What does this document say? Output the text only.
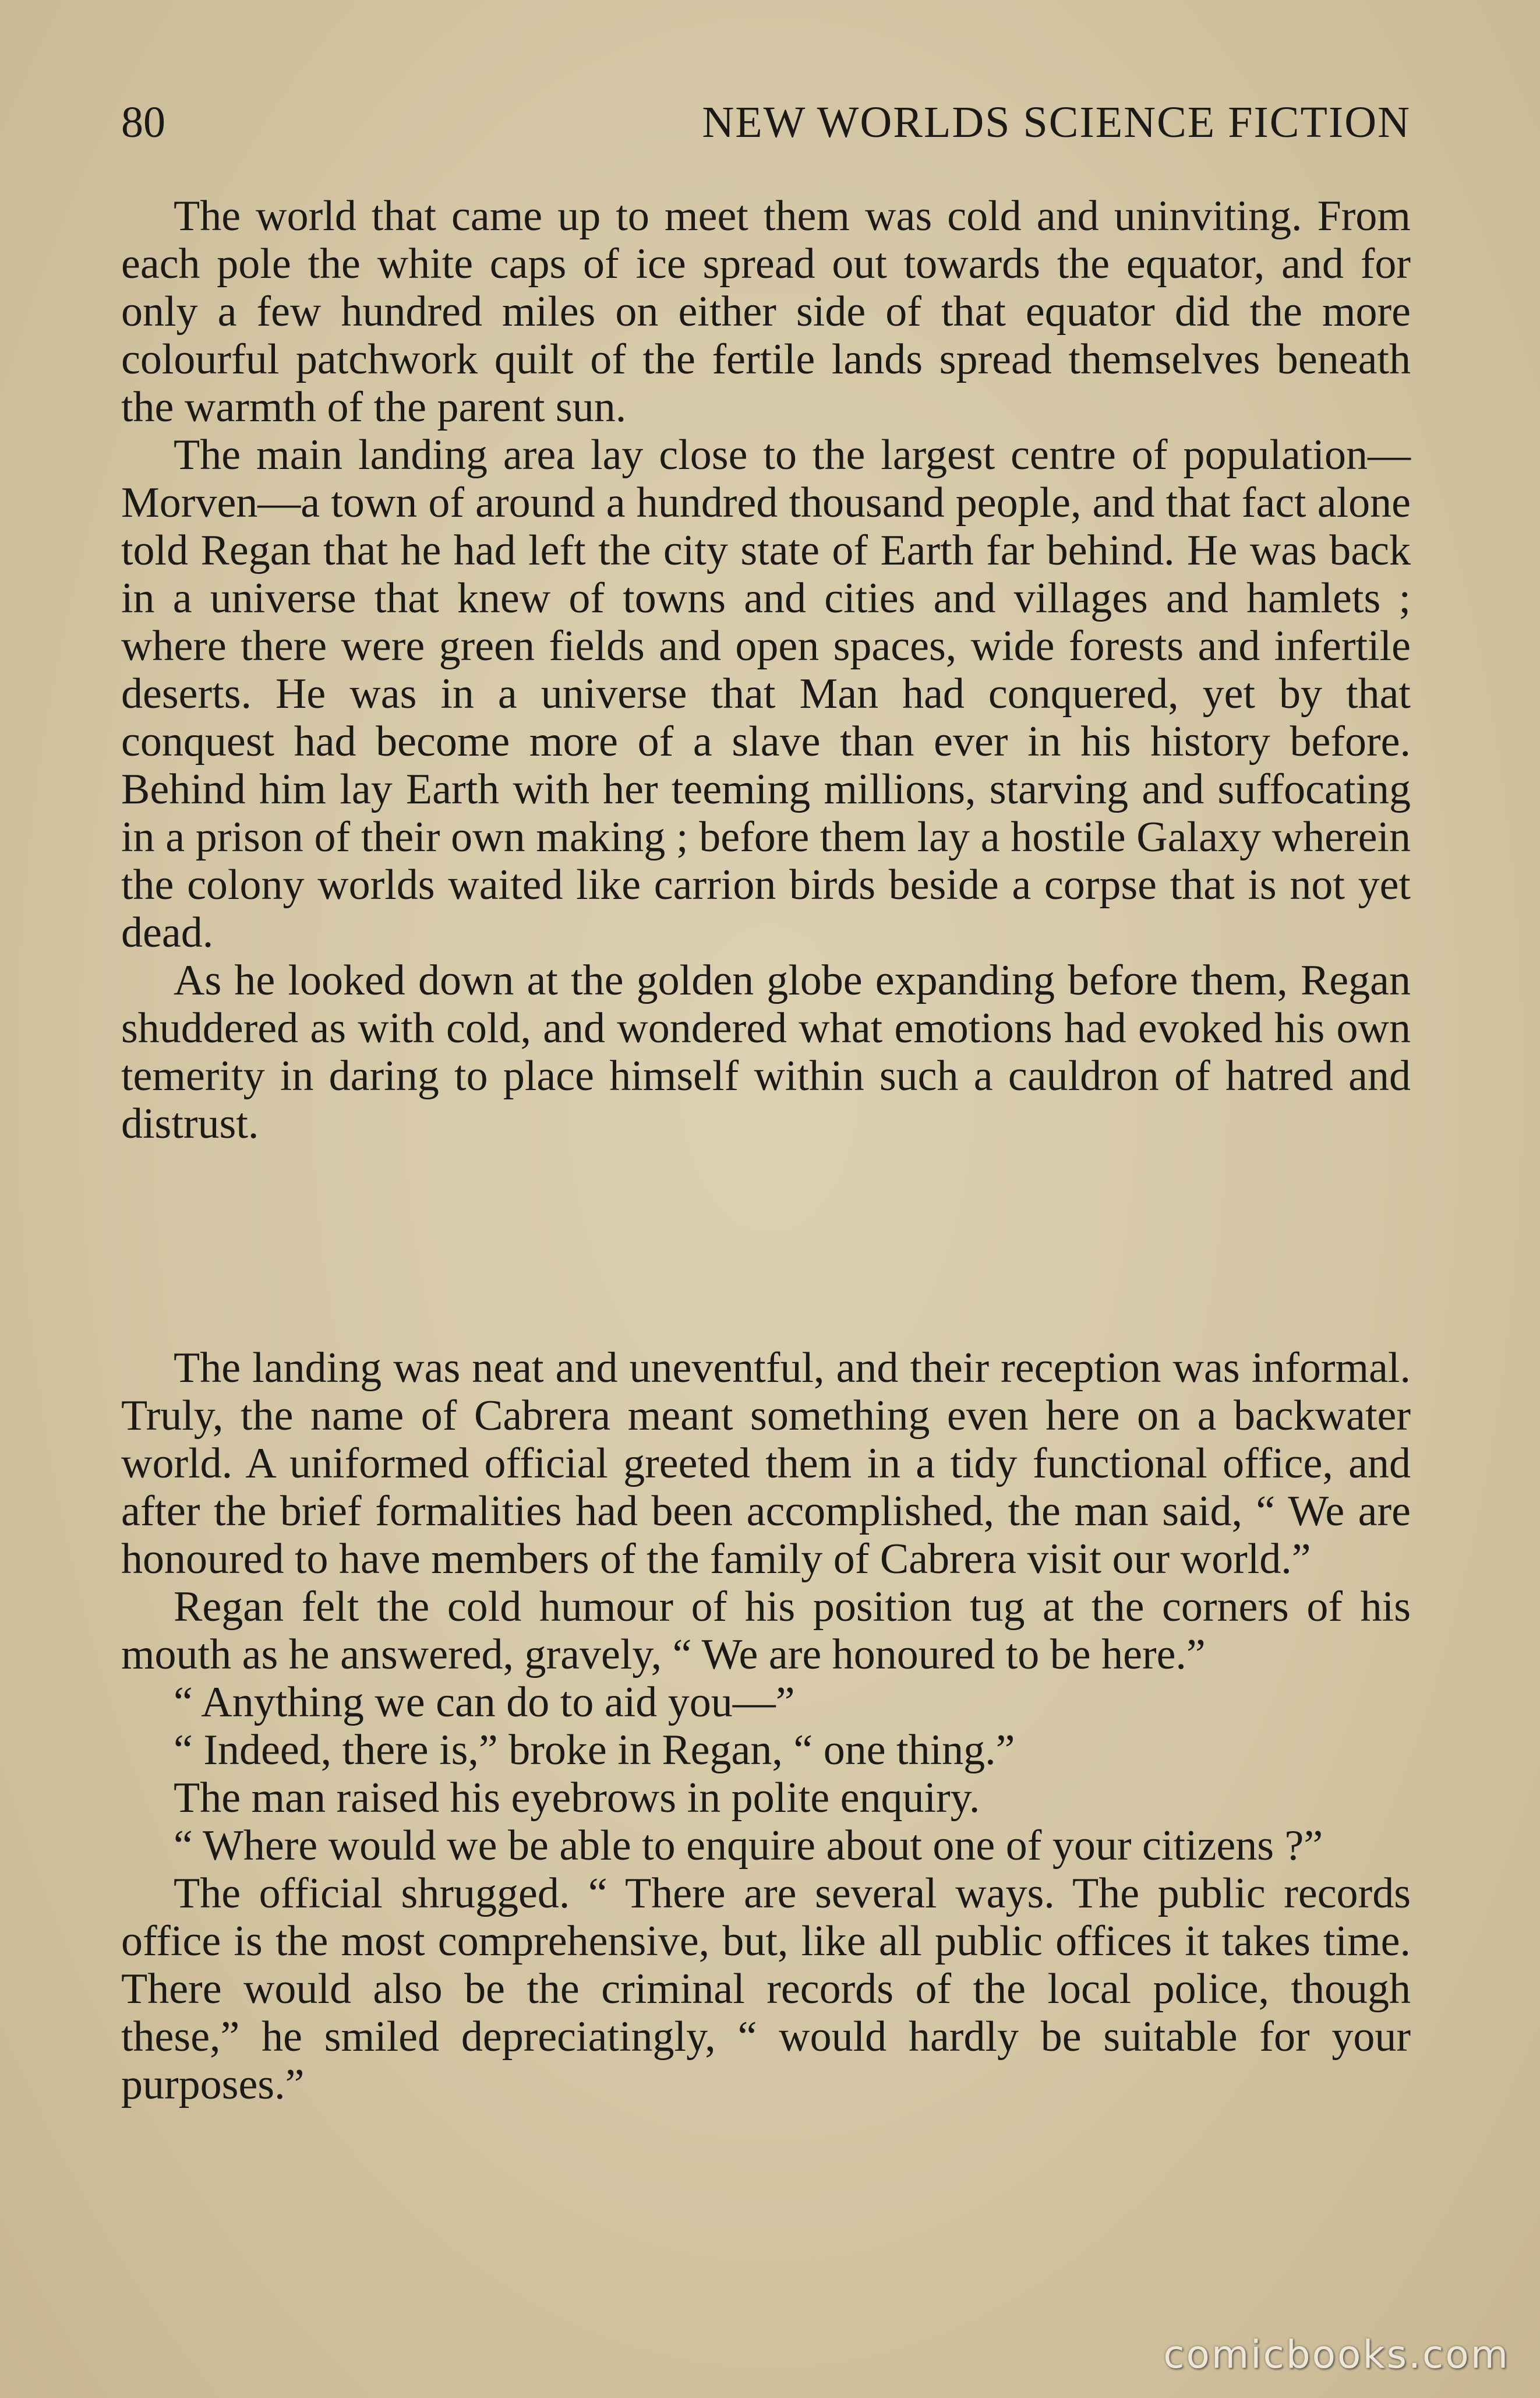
80	NEW WORLDS SCIENCE FICTION

The world that came up to meet them was cold and uninviting. From each pole the white caps of ice spread out towards the equator, and for only a few hundred miles on either side of that equator did the more colourful patchwork quilt of the fertile lands spread themselves beneath the warmth of the parent sun.

The main landing area lay close to the largest centre of population—Morven—a town of around a hundred thousand people, and that fact alone told Regan that he had left the city state of Earth far behind. He was back in a universe that knew of towns and cities and villages and hamlets ; where there were green fields and open spaces, wide forests and infertile deserts. He was in a universe that Man had conquered, yet by that conquest had become more of a slave than ever in his history before. Behind him lay Earth with her teeming millions, starving and suffocating in a prison of their own making ; before them lay a hostile Galaxy wherein the colony worlds waited like carrion birds beside a corpse that is not yet dead.

As he looked down at the golden globe expanding before them, Regan shuddered as with cold, and wondered what emotions had evoked his own temerity in daring to place himself within such a cauldron of hatred and distrust.

The landing was neat and uneventful, and their reception was informal. Truly, the name of Cabrera meant something even here on a backwater world. A uniformed official greeted them in a tidy functional office, and after the brief formalities had been accomplished, the man said, “ We are honoured to have members of the family of Cabrera visit our world.”

Regan felt the cold humour of his position tug at the corners of his mouth as he answered, gravely, “ We are honoured to be here.”

“ Anything we can do to aid you—”

“ Indeed, there is,” broke in Regan, “ one thing.”

The man raised his eyebrows in polite enquiry.

“ Where would we be able to enquire about one of your citizens ?”

The official shrugged. “ There are several ways. The public records office is the most comprehensive, but, like all public offices it takes time. There would also be the criminal records of the local police, though these,” he smiled depreciatingly, “ would hardly be suitable for your purposes.”

comicbooks.com
